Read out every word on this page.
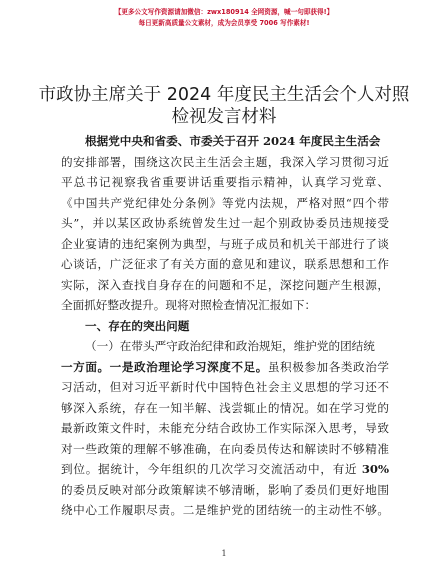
【更多公文写作资源请加微信：zwx180914 全网资源，喊一句即获得!】
每日更新高质量公文素材，成为会员享受 7006 写作素材!
市政协主席关于 2024 年度民主生活会个人对照
检视发言材料
根据党中央和省委、市委关于召开 2024 年度民主生活会
的安排部署，围绕这次民主生活会主题，我深入学习贯彻习近
平总书记视察我省重要讲话重要指示精神，认真学习党章、
《中国共产党纪律处分条例》等党内法规，严格对照“四个带
头”，并以某区政协系统曾发生过一起个别政协委员违规接受
企业宴请的违纪案例为典型，与班子成员和机关干部进行了谈
心谈话，广泛征求了有关方面的意见和建议，联系思想和工作
实际，深入查找自身存在的问题和不足，深挖问题产生根源，
全面抓好整改提升。现将对照检查情况汇报如下：
一、存在的突出问题
（一）在带头严守政治纪律和政治规矩，维护党的团结统
一方面。一是政治理论学习深度不足。虽积极参加各类政治学
习活动，但对习近平新时代中国特色社会主义思想的学习还不
够深入系统，存在一知半解、浅尝辄止的情况。如在学习党的
最新政策文件时，未能充分结合政协工作实际深入思考，导致
对一些政策的理解不够准确，在向委员传达和解读时不够精准
到位。据统计，今年组织的几次学习交流活动中，有近 30%
的委员反映对部分政策解读不够清晰，影响了委员们更好地围
绕中心工作履职尽责。二是维护党的团结统一的主动性不够。
1
